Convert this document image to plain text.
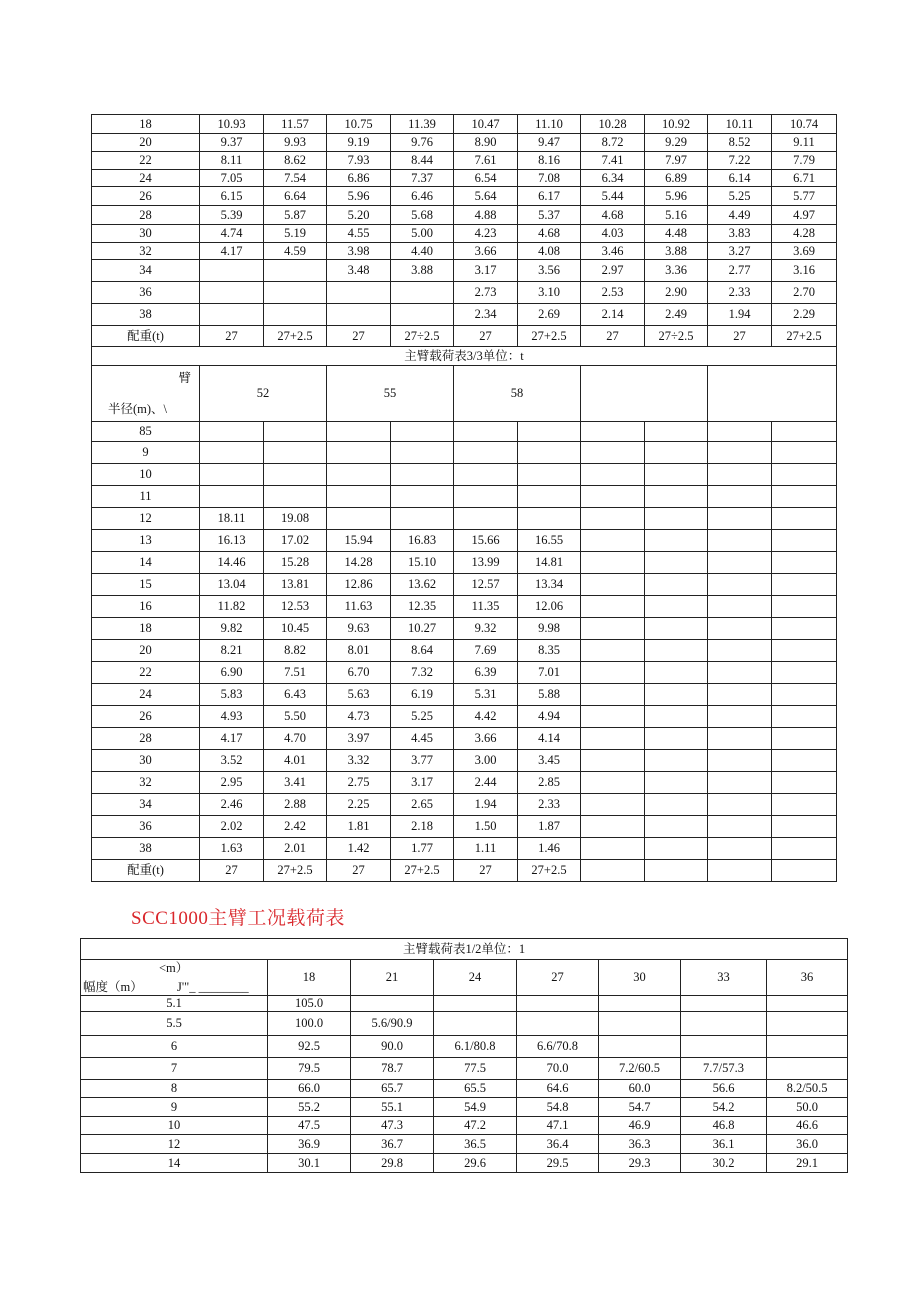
18	10.93	11.57	10.75	11.39	10.47	11.10	10.28	10.92	10.11	10.74
20	9.37	9.93	9.19	9.76	8.90	9.47	8.72	9.29	8.52	9.11
22	8.11	8.62	7.93	8.44	7.61	8.16	7.41	7.97	7.22	7.79
24	7.05	7.54	6.86	7.37	6.54	7.08	6.34	6.89	6.14	6.71
26	6.15	6.64	5.96	6.46	5.64	6.17	5.44	5.96	5.25	5.77
28	5.39	5.87	5.20	5.68	4.88	5.37	4.68	5.16	4.49	4.97
30	4.74	5.19	4.55	5.00	4.23	4.68	4.03	4.48	3.83	4.28
32	4.17	4.59	3.98	4.40	3.66	4.08	3.46	3.88	3.27	3.69
34			3.48	3.88	3.17	3.56	2.97	3.36	2.77	3.16
36					2.73	3.10	2.53	2.90	2.33	2.70
38					2.34	2.69	2.14	2.49	1.94	2.29
配重(t)	27	27+2.5	27	27÷2.5	27	27+2.5	27	27÷2.5	27	27+2.5
主臂载荷表3/3单位：t										

臂
半径(m)、\	52		55		58					
85										
9										
10										
11										
12	18.11	19.08								
13	16.13	17.02	15.94	16.83	15.66	16.55				
14	14.46	15.28	14.28	15.10	13.99	14.81				
15	13.04	13.81	12.86	13.62	12.57	13.34				
16	11.82	12.53	11.63	12.35	11.35	12.06				
18	9.82	10.45	9.63	10.27	9.32	9.98				
20	8.21	8.82	8.01	8.64	7.69	8.35				
22	6.90	7.51	6.70	7.32	6.39	7.01				
24	5.83	6.43	5.63	6.19	5.31	5.88				
26	4.93	5.50	4.73	5.25	4.42	4.94				
28	4.17	4.70	3.97	4.45	3.66	4.14				
30	3.52	4.01	3.32	3.77	3.00	3.45				
32	2.95	3.41	2.75	3.17	2.44	2.85				
34	2.46	2.88	2.25	2.65	1.94	2.33				
36	2.02	2.42	1.81	2.18	1.50	1.87				
38	1.63	2.01	1.42	1.77	1.11	1.46				
配重(t)	27	27+2.5	27	27+2.5	27	27+2.5				
SCC1000主臂工况载荷表
主臂载荷表1/2单位：1							

<m）
幅度（m） J'"_ ________	18	21	24	27	30	33	36
5.1	105.0						
5.5	100.0	5.6/90.9					
6	92.5	90.0	6.1/80.8	6.6/70.8			
7	79.5	78.7	77.5	70.0	7.2/60.5	7.7/57.3	
8	66.0	65.7	65.5	64.6	60.0	56.6	8.2/50.5
9	55.2	55.1	54.9	54.8	54.7	54.2	50.0
10	47.5	47.3	47.2	47.1	46.9	46.8	46.6
12	36.9	36.7	36.5	36.4	36.3	36.1	36.0
14	30.1	29.8	29.6	29.5	29.3	30.2	29.1
